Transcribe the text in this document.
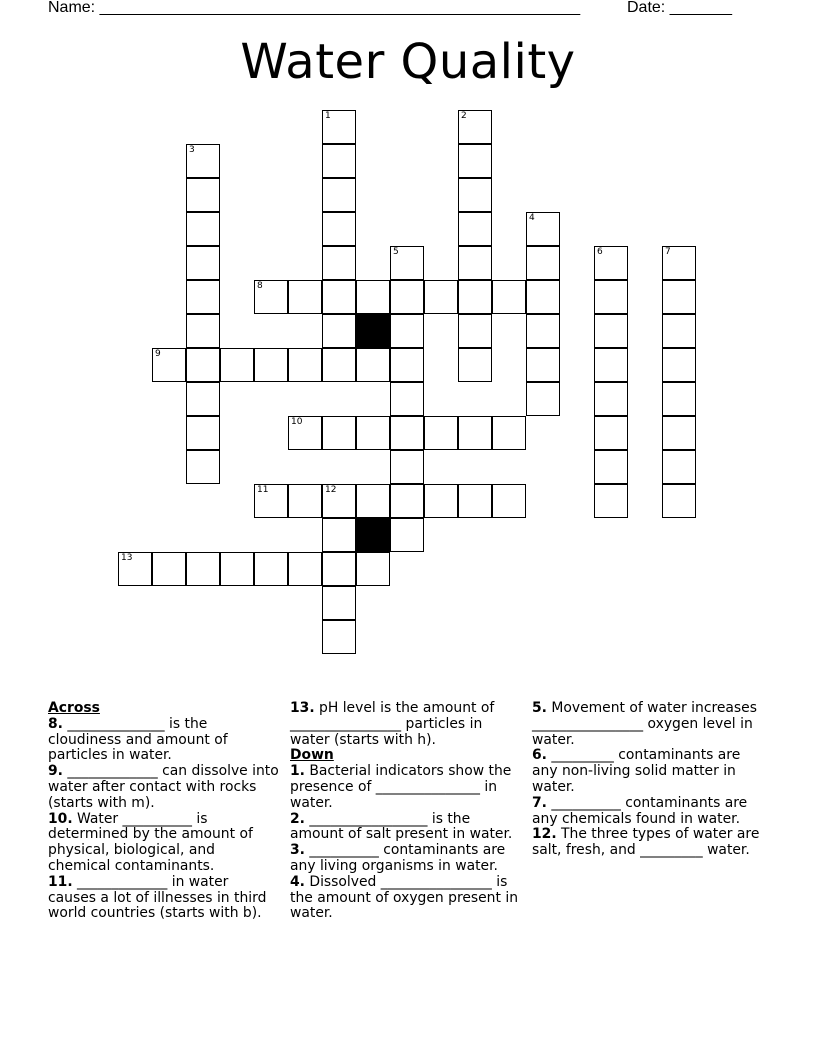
Name: ______________________________________________________	Date: _______
Water Quality
1	2
3
4
5	6	7
12
8
9
10
11
13

Across

8. ______________ is the cloudiness and amount of particles in water.

9. _____________ can dissolve into water after contact with rocks (starts with m).

10. Water __________ is determined by the amount of physical, biological, and chemical contaminants.

11. _____________ in water causes a lot of illnesses in third world countries (starts with b).

13. pH level is the amount of ________________ particles in water (starts with h).

Down

1. Bacterial indicators show the presence of _______________ in water.

2. _________________ is the amount of salt present in water.

3. __________ contaminants are any living organisms in water.

4. Dissolved ________________ is the amount of oxygen present in water.

5. Movement of water increases ________________ oxygen level in water.

6. _________ contaminants are any non-living solid matter in water.

7. __________ contaminants are any chemicals found in water.

12. The three types of water are salt, fresh, and _________ water.
